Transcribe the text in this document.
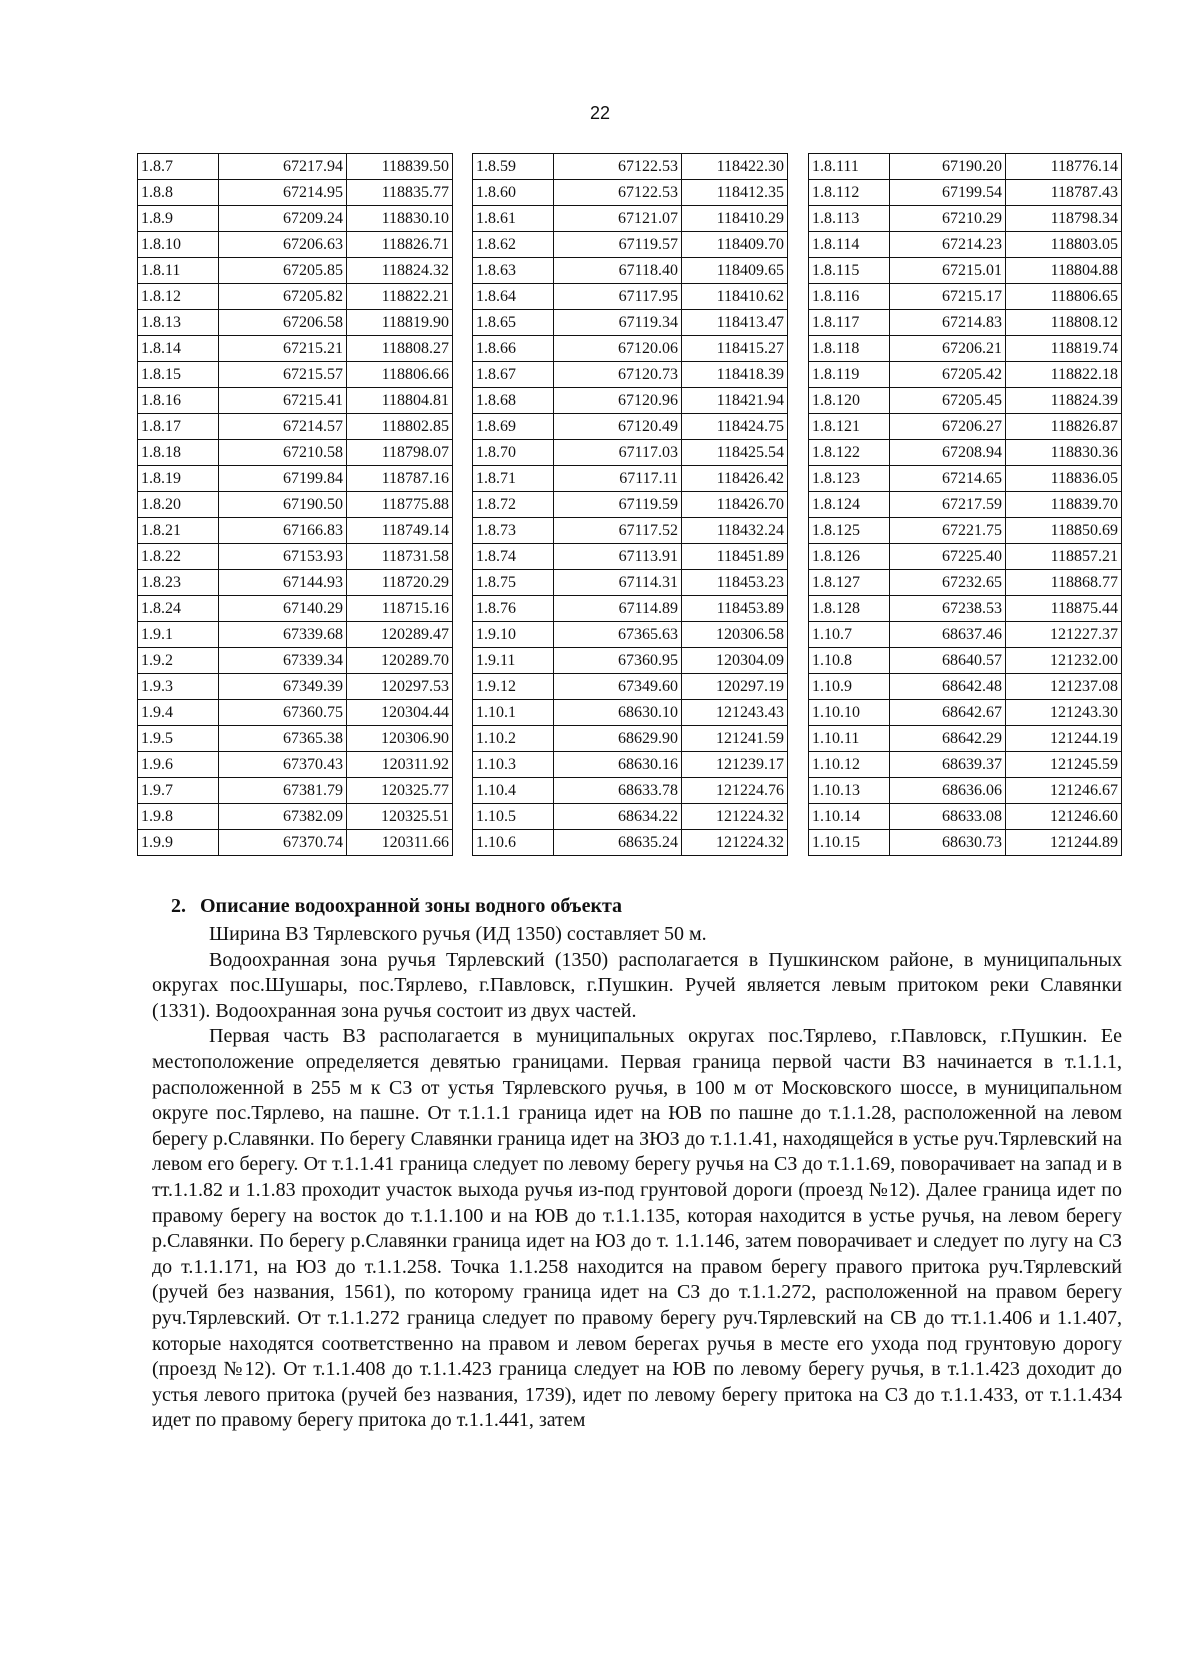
22
1.8.7	67217.94	118839.50
1.8.8	67214.95	118835.77
1.8.9	67209.24	118830.10
1.8.10	67206.63	118826.71
1.8.11	67205.85	118824.32
1.8.12	67205.82	118822.21
1.8.13	67206.58	118819.90
1.8.14	67215.21	118808.27
1.8.15	67215.57	118806.66
1.8.16	67215.41	118804.81
1.8.17	67214.57	118802.85
1.8.18	67210.58	118798.07
1.8.19	67199.84	118787.16
1.8.20	67190.50	118775.88
1.8.21	67166.83	118749.14
1.8.22	67153.93	118731.58
1.8.23	67144.93	118720.29
1.8.24	67140.29	118715.16
1.9.1	67339.68	120289.47
1.9.2	67339.34	120289.70
1.9.3	67349.39	120297.53
1.9.4	67360.75	120304.44
1.9.5	67365.38	120306.90
1.9.6	67370.43	120311.92
1.9.7	67381.79	120325.77
1.9.8	67382.09	120325.51
1.9.9	67370.74	120311.66
1.8.59	67122.53	118422.30
1.8.60	67122.53	118412.35
1.8.61	67121.07	118410.29
1.8.62	67119.57	118409.70
1.8.63	67118.40	118409.65
1.8.64	67117.95	118410.62
1.8.65	67119.34	118413.47
1.8.66	67120.06	118415.27
1.8.67	67120.73	118418.39
1.8.68	67120.96	118421.94
1.8.69	67120.49	118424.75
1.8.70	67117.03	118425.54
1.8.71	67117.11	118426.42
1.8.72	67119.59	118426.70
1.8.73	67117.52	118432.24
1.8.74	67113.91	118451.89
1.8.75	67114.31	118453.23
1.8.76	67114.89	118453.89
1.9.10	67365.63	120306.58
1.9.11	67360.95	120304.09
1.9.12	67349.60	120297.19
1.10.1	68630.10	121243.43
1.10.2	68629.90	121241.59
1.10.3	68630.16	121239.17
1.10.4	68633.78	121224.76
1.10.5	68634.22	121224.32
1.10.6	68635.24	121224.32
1.8.111	67190.20	118776.14
1.8.112	67199.54	118787.43
1.8.113	67210.29	118798.34
1.8.114	67214.23	118803.05
1.8.115	67215.01	118804.88
1.8.116	67215.17	118806.65
1.8.117	67214.83	118808.12
1.8.118	67206.21	118819.74
1.8.119	67205.42	118822.18
1.8.120	67205.45	118824.39
1.8.121	67206.27	118826.87
1.8.122	67208.94	118830.36
1.8.123	67214.65	118836.05
1.8.124	67217.59	118839.70
1.8.125	67221.75	118850.69
1.8.126	67225.40	118857.21
1.8.127	67232.65	118868.77
1.8.128	67238.53	118875.44
1.10.7	68637.46	121227.37
1.10.8	68640.57	121232.00
1.10.9	68642.48	121237.08
1.10.10	68642.67	121243.30
1.10.11	68642.29	121244.19
1.10.12	68639.37	121245.59
1.10.13	68636.06	121246.67
1.10.14	68633.08	121246.60
1.10.15	68630.73	121244.89
2. Описание водоохранной зоны водного объекта

Ширина ВЗ Тярлевского ручья (ИД 1350) составляет 50 м.

Водоохранная зона ручья Тярлевский (1350) располагается в Пушкинском районе, в муниципальных округах пос.Шушары, пос.Тярлево, г.Павловск, г.Пушкин. Ручей является левым притоком реки Славянки (1331). Водоохранная зона ручья состоит из двух частей.

Первая часть ВЗ располагается в муниципальных округах пос.Тярлево, г.Павловск, г.Пушкин. Ее местоположение определяется девятью границами. Первая граница первой части ВЗ начинается в т.1.1.1, расположенной в 255 м к СЗ от устья Тярлевского ручья, в 100 м от Московского шоссе, в муниципальном округе пос.Тярлево, на пашне. От т.1.1.1 граница идет на ЮВ по пашне до т.1.1.28, расположенной на левом берегу р.Славянки. По берегу Славянки граница идет на ЗЮЗ до т.1.1.41, находящейся в устье руч.Тярлевский на левом его берегу. От т.1.1.41 граница следует по левому берегу ручья на СЗ до т.1.1.69, поворачивает на запад и в тт.1.1.82 и 1.1.83 проходит участок выхода ручья из-под грунтовой дороги (проезд №12). Далее граница идет по правому берегу на восток до т.1.1.100 и на ЮВ до т.1.1.135, которая находится в устье ручья, на левом берегу р.Славянки. По берегу р.Славянки граница идет на ЮЗ до т. 1.1.146, затем поворачивает и следует по лугу на СЗ до т.1.1.171, на ЮЗ до т.1.1.258. Точка 1.1.258 находится на правом берегу правого притока руч.Тярлевский (ручей без названия, 1561), по которому граница идет на СЗ до т.1.1.272, расположенной на правом берегу руч.Тярлевский. От т.1.1.272 граница следует по правому берегу руч.Тярлевский на СВ до тт.1.1.406 и 1.1.407, которые находятся соответственно на правом и левом берегах ручья в месте его ухода под грунтовую дорогу (проезд №12). От т.1.1.408 до т.1.1.423 граница следует на ЮВ по левому берегу ручья, в т.1.1.423 доходит до устья левого притока (ручей без названия, 1739), идет по левому берегу притока на СЗ до т.1.1.433, от т.1.1.434 идет по правому берегу притока до т.1.1.441, затем
